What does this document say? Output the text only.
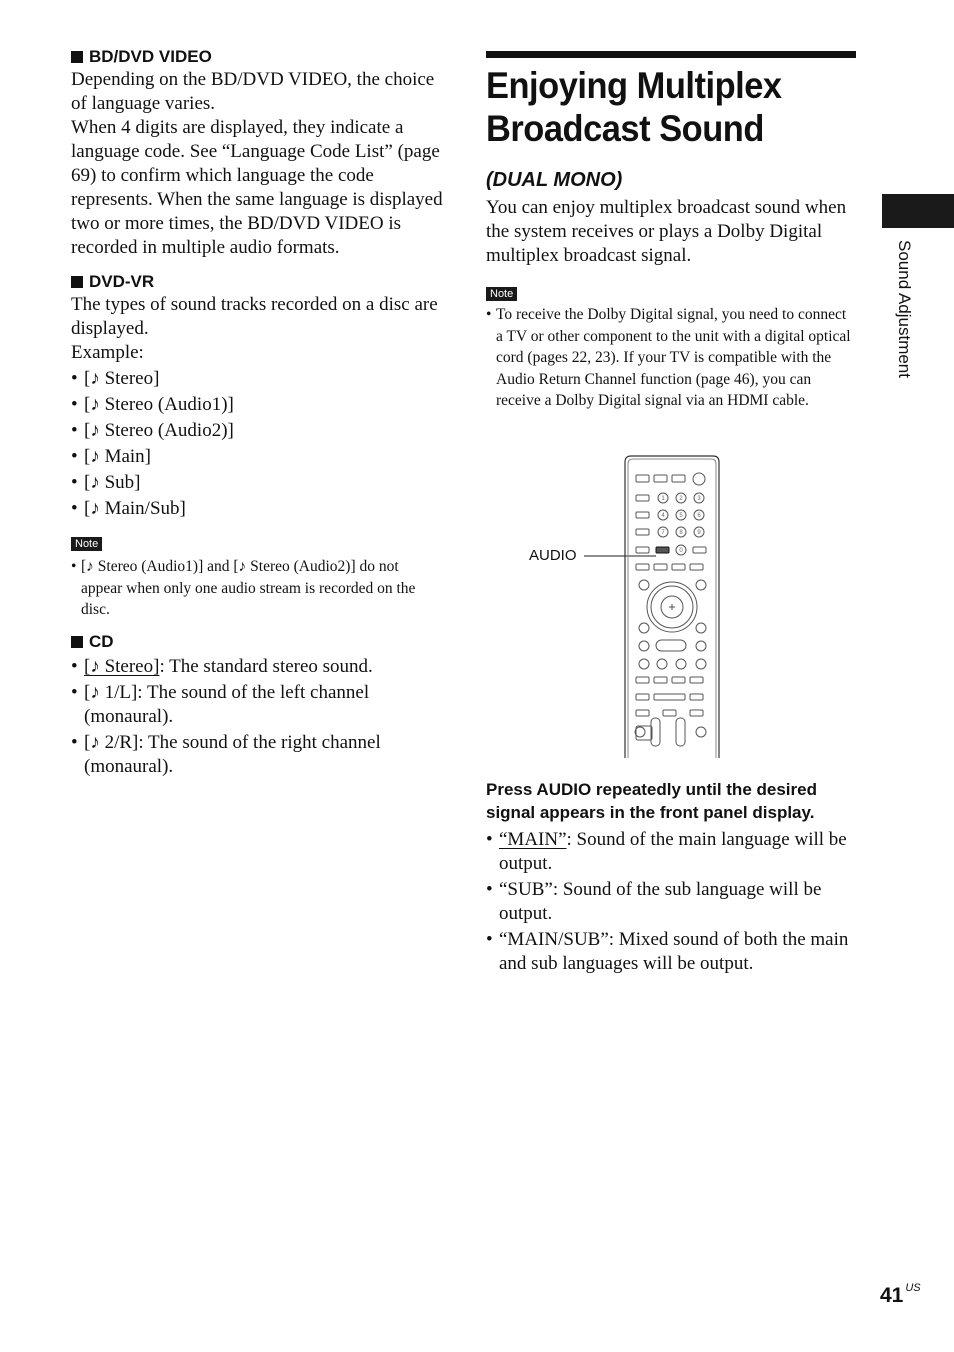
BD/DVD VIDEO

Depending on the BD/DVD VIDEO, the choice of language varies.

When 4 digits are displayed, they indicate a language code. See “Language Code List” (page 69) to confirm which language the code represents. When the same language is displayed two or more times, the BD/DVD VIDEO is recorded in multiple audio formats.

DVD-VR

The types of sound tracks recorded on a disc are displayed.

Example:

• [♪ Stereo]
• [♪ Stereo (Audio1)]
• [♪ Stereo (Audio2)]
• [♪ Main]
• [♪ Sub]
• [♪ Main/Sub]
Note
• [♪ Stereo (Audio1)] and [♪ Stereo (Audio2)] do not appear when only one audio stream is recorded on the disc.

CD

• [♪ Stereo]: The standard stereo sound.
• [♪ 1/L]: The sound of the left channel (monaural).
• [♪ 2/R]: The sound of the right channel (monaural).
Enjoying Multiplex
Broadcast Sound

(DUAL MONO)

You can enjoy multiplex broadcast sound when the system receives or plays a Dolby Digital multiplex broadcast signal.

Note
• To receive the Dolby Digital signal, you need to connect a TV or other component to the unit with a digital optical cord (pages 22, 23). If your TV is compatible with the Audio Return Channel function (page 46), you can receive a Dolby Digital signal via an HDMI cable.

Press AUDIO repeatedly until the desired signal appears in the front panel display.

• “MAIN”: Sound of the main language will be output.
• “SUB”: Sound of the sub language will be output.
• “MAIN/SUB”: Mixed sound of both the main and sub languages will be output.
AUDIO
1 2 3
4 5 6
7 8 9
0
Sound Adjustment
41 $^{US}$
